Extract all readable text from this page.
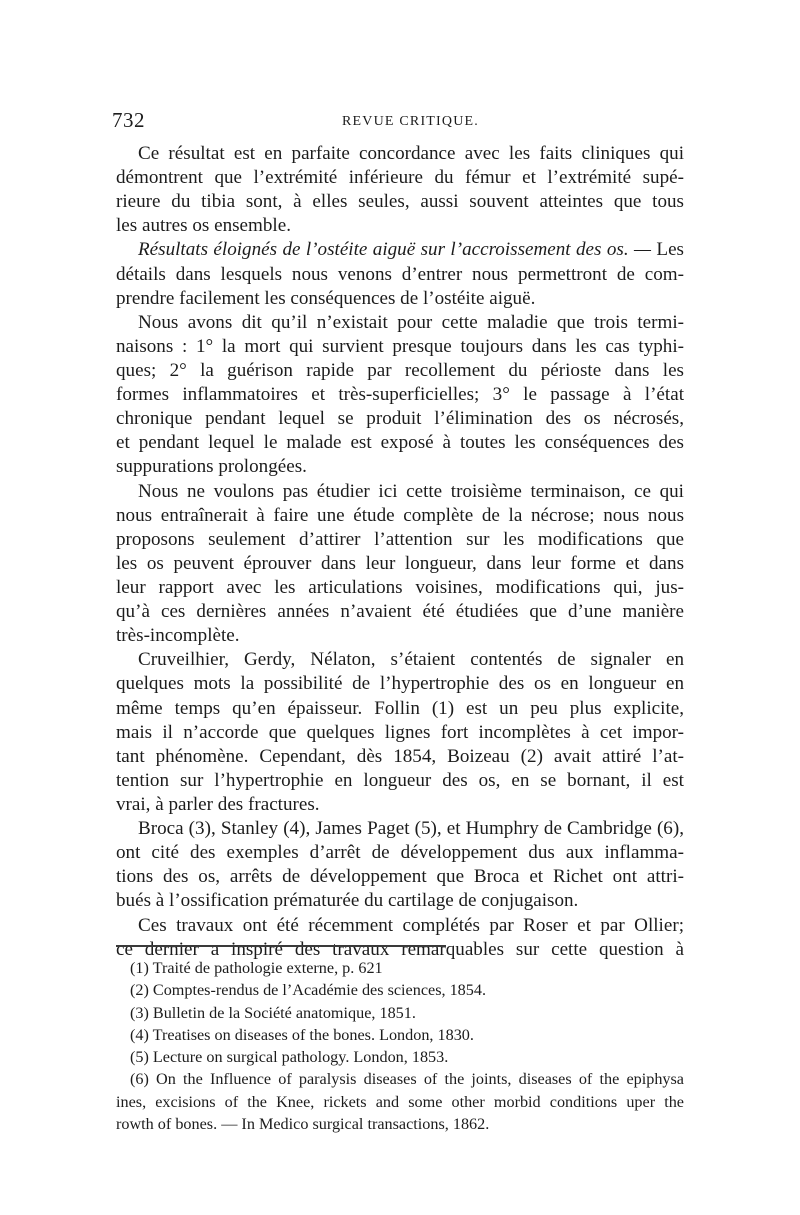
732	REVUE CRITIQUE.
Ce résultat est en parfaite concordance avec les faits cliniques qui
démontrent que l’extrémité inférieure du fémur et l’extrémité supé-
rieure du tibia sont, à elles seules, aussi souvent atteintes que tous
les autres os ensemble.
Résultats éloignés de l’ostéite aiguë sur l’accroissement des os. — Les
détails dans lesquels nous venons d’entrer nous permettront de com-
prendre facilement les conséquences de l’ostéite aiguë.
Nous avons dit qu’il n’existait pour cette maladie que trois termi-
naisons : 1° la mort qui survient presque toujours dans les cas typhi-
ques; 2° la guérison rapide par recollement du périoste dans les
formes inflammatoires et très-superficielles; 3° le passage à l’état
chronique pendant lequel se produit l’élimination des os nécrosés,
et pendant lequel le malade est exposé à toutes les conséquences des
suppurations prolongées.
Nous ne voulons pas étudier ici cette troisième terminaison, ce qui
nous entraînerait à faire une étude complète de la nécrose; nous nous
proposons seulement d’attirer l’attention sur les modifications que
les os peuvent éprouver dans leur longueur, dans leur forme et dans
leur rapport avec les articulations voisines, modifications qui, jus-
qu’à ces dernières années n’avaient été étudiées que d’une manière
très-incomplète.
Cruveilhier, Gerdy, Nélaton, s’étaient contentés de signaler en
quelques mots la possibilité de l’hypertrophie des os en longueur en
même temps qu’en épaisseur. Follin (1) est un peu plus explicite,
mais il n’accorde que quelques lignes fort incomplètes à cet impor-
tant phénomène. Cependant, dès 1854, Boizeau (2) avait attiré l’at-
tention sur l’hypertrophie en longueur des os, en se bornant, il est
vrai, à parler des fractures.
Broca (3), Stanley (4), James Paget (5), et Humphry de Cambridge (6),
ont cité des exemples d’arrêt de développement dus aux inflamma-
tions des os, arrêts de développement que Broca et Richet ont attri-
bués à l’ossification prématurée du cartilage de conjugaison.
Ces travaux ont été récemment complétés par Roser et par Ollier;
ce dernier a inspiré des travaux remarquables sur cette question à
(1) Traité de pathologie externe, p. 621
(2) Comptes-rendus de l’Académie des sciences, 1854.
(3) Bulletin de la Société anatomique, 1851.
(4) Treatises on diseases of the bones. London, 1830.
(5) Lecture on surgical pathology. London, 1853.
(6) On the Influence of paralysis diseases of the joints, diseases of the epiphysa
ines, excisions of the Knee, rickets and some other morbid conditions uper the
rowth of bones. — In Medico surgical transactions, 1862.
